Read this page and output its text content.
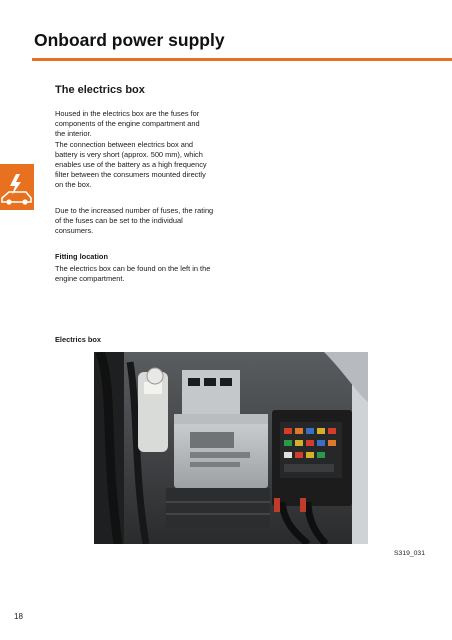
Onboard power supply
The electrics box

Housed in the electrics box are the fuses for
components of the engine compartment and
the interior.
The connection between electrics box and
battery is very short (approx. 500 mm), which
enables use of the battery as a high frequency
filter between the consumers mounted directly
on the box.

Due to the increased number of fuses, the rating
of the fuses can be set to the individual
consumers.

Fitting location

The electrics box can be found on the left in the
engine compartment.

Electrics box
S319_031
18
